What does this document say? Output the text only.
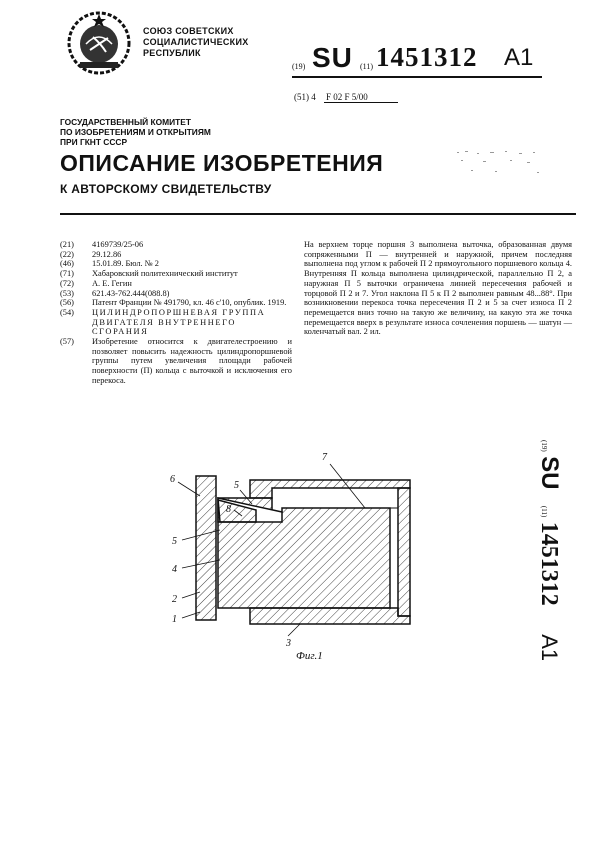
СОЮЗ СОВЕТСКИХ
СОЦИАЛИСТИЧЕСКИХ
РЕСПУБЛИК
(19) SU (11) 1451312 A1
(51) 4 F 02 F 5/00
ГОСУДАРСТВЕННЫЙ КОМИТЕТ
ПО ИЗОБРЕТЕНИЯМ И ОТКРЫТИЯМ
ПРИ ГКНТ СССР
ОПИСАНИЕ ИЗОБРЕТЕНИЯ
К АВТОРСКОМУ СВИДЕТЕЛЬСТВУ
(21)	4169739/25-06
(22)	29.12.86
(46)	15.01.89. Бюл. № 2
(71)	Хабаровский политехнический институт
(72)	А. Е. Гегин
(53)	621.43-762.444(088.8)
(56)	Патент Франции № 491790, кл. 46 с'10, опублик. 1919.
(54)	ЦИЛИНДРОПОРШНЕВАЯ ГРУППА ДВИГАТЕЛЯ ВНУТРЕННЕГО СГОРАНИЯ
(57)	Изобретение относится к двигателестроению и позволяет повысить надежность цилиндропоршневой группы путем увеличения площади рабочей поверхности (П) кольца с выточкой и исключения его перекоса.
На верхнем торце поршня 3 выполнена выточка, образованная двумя сопряженными П — внутренней и наружной, причем последняя выполнена под углом к рабочей П 2 прямоугольного поршневого кольца 4. Внутренняя П кольца выполнена цилиндрической, параллельно П 2, а наружная П 5 выточки ограничена линией пересечения рабочей и торцовой П 2 и 7. Угол наклона П 5 к П 2 выполнен равным 48...88°. При возникновении перекоса точка пересечения П 2 и 5 за счет износа П 2 перемещается вниз точно на такую же величину, на какую эта же точка перемещается вверх в результате износа сочленения поршень — шатун — коленчатый вал. 2 ил.
(19) SU (11) 1451312 A1
6
5
8
5
4
2
1
7
3
Фиг.1
